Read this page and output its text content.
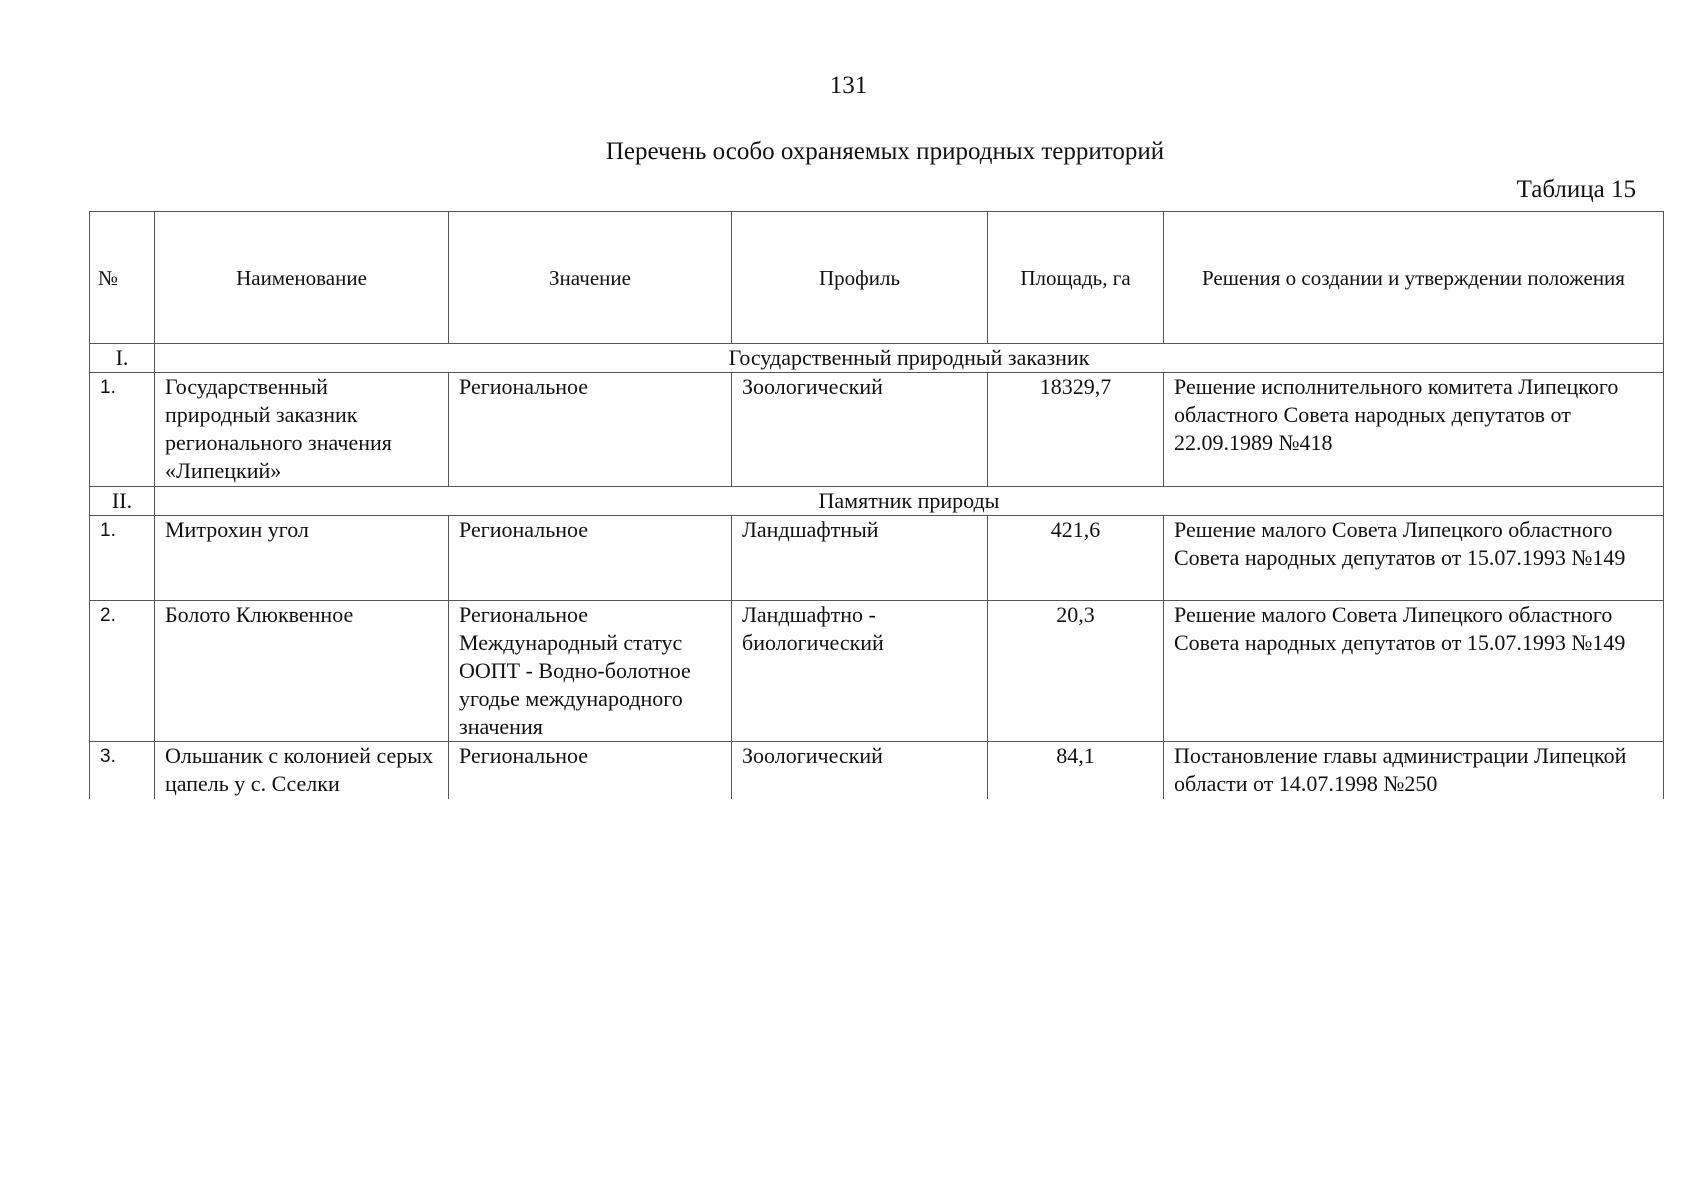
131
Перечень особо охраняемых природных территорий
Таблица 15
№	Наименование	Значение	Профиль	Площадь, га	Решения о создании и утверждении положения
I.	Государственный природный заказник				
1.	Государственный природный заказник регионального значения «Липецкий»	Региональное	Зоологический	18329,7	Решение исполнительного комитета Липецкого областного Совета народных депутатов от 22.09.1989 №418
II.	Памятник природы				
1.	Митрохин угол	Региональное	Ландшафтный	421,6	Решение малого Совета Липецкого областного Совета народных депутатов от 15.07.1993 №149
2.	Болото Клюквенное	Региональное Международный статус ООПТ - Водно-болотное угодье международного значения	Ландшафтно - биологический	20,3	Решение малого Совета Липецкого областного Совета народных депутатов от 15.07.1993 №149
3.	Ольшаник с колонией серых цапель у с. Сселки	Региональное	Зоологический	84,1	Постановление главы администрации Липецкой области от 14.07.1998 №250
